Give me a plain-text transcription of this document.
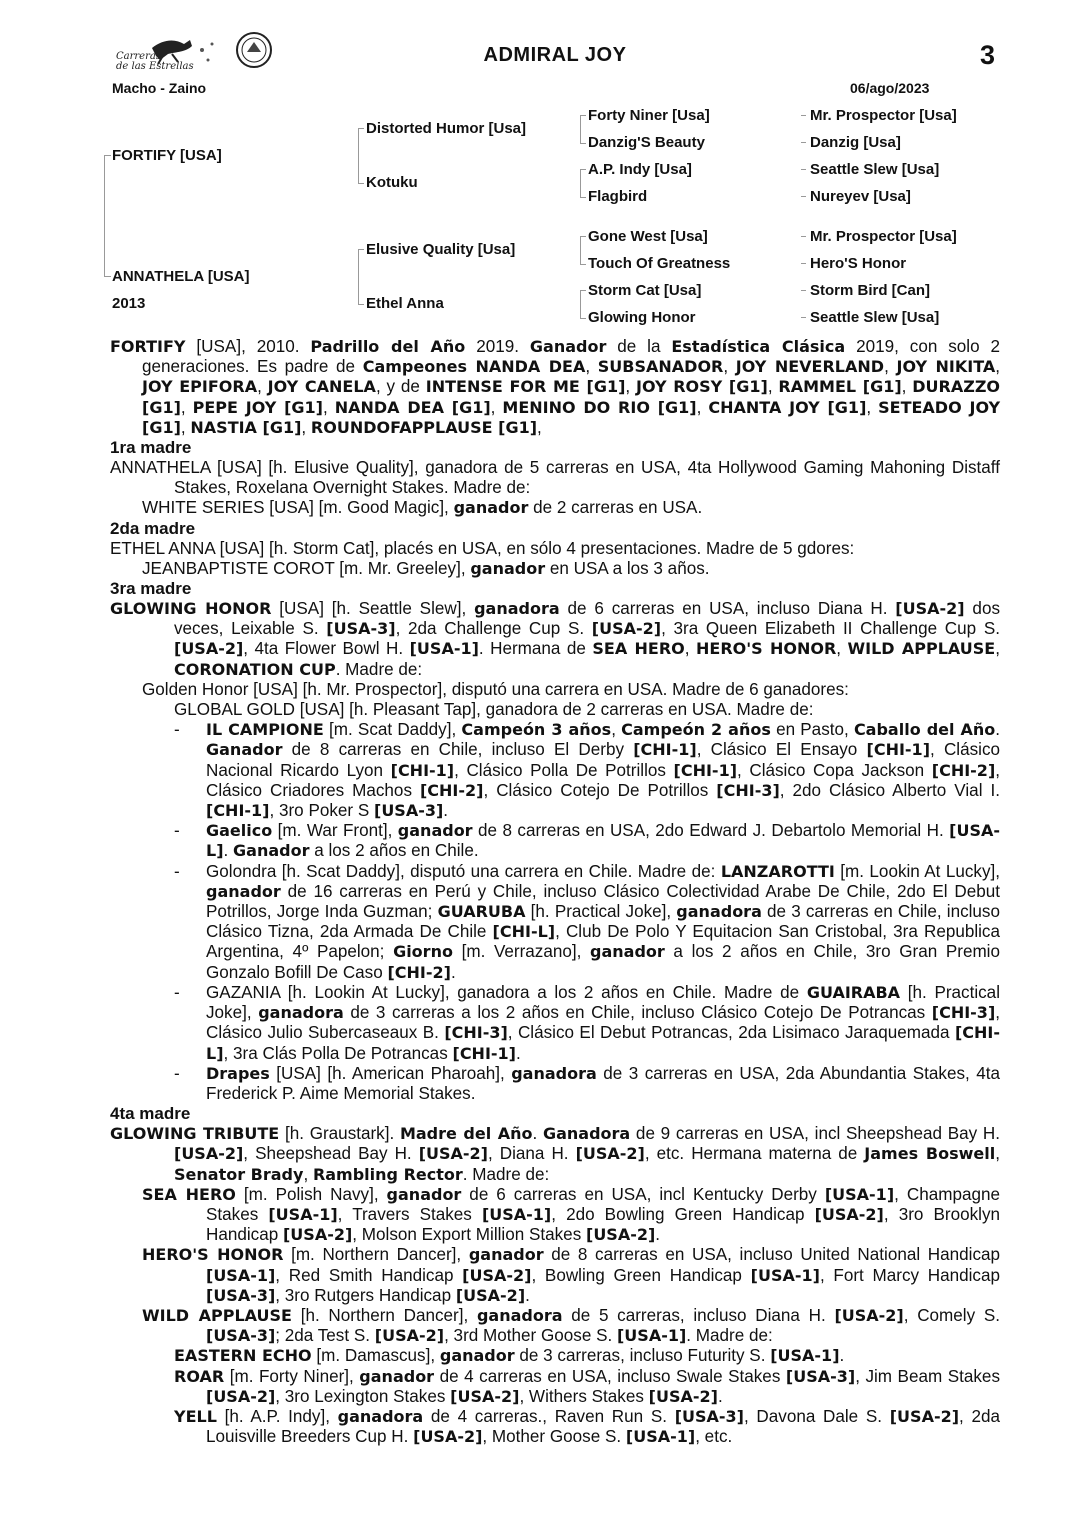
Carreras
de las Estrellas
ADMIRAL JOY	3
Macho - Zaino	06/ago/2023
FORTIFY [USA]
ANNATHELA [USA]
2013
Distorted Humor [Usa]
Kotuku
Elusive Quality [Usa]
Ethel Anna
Forty Niner [Usa]
Danzig'S Beauty
A.P. Indy [Usa]
Flagbird
Gone West [Usa]
Touch Of Greatness
Storm Cat [Usa]
Glowing Honor
Mr. Prospector [Usa]
Danzig [Usa]
Seattle Slew [Usa]
Nureyev [Usa]
Mr. Prospector [Usa]
Hero'S Honor
Storm Bird [Can]
Seattle Slew [Usa]
FORTIFY [USA], 2010. Padrillo del Año 2019. Ganador de la Estadística Clásica 2019, con solo 2 generaciones. Es padre de Campeones NANDA DEA, SUBSANADOR, JOY NEVERLAND, JOY NIKITA, JOY EPIFORA, JOY CANELA, y de INTENSE FOR ME [G1], JOY ROSY [G1], RAMMEL [G1], DURAZZO [G1], PEPE JOY [G1], NANDA DEA [G1], MENINO DO RIO [G1], CHANTA JOY [G1], SETEADO JOY [G1], NASTIA [G1], ROUNDOFAPPLAUSE [G1],
1ra madre
ANNATHELA [USA] [h. Elusive Quality], ganadora de 5 carreras en USA, 4ta Hollywood Gaming Mahoning Distaff Stakes, Roxelana Overnight Stakes. Madre de:
WHITE SERIES [USA] [m. Good Magic], ganador de 2 carreras en USA.
2da madre
ETHEL ANNA [USA] [h. Storm Cat], placés en USA, en sólo 4 presentaciones. Madre de 5 gdores:
JEANBAPTISTE COROT [m. Mr. Greeley], ganador en USA a los 3 años.
3ra madre
GLOWING HONOR [USA] [h. Seattle Slew], ganadora de 6 carreras en USA, incluso Diana H. [USA-2] dos veces, Leixable S. [USA-3], 2da Challenge Cup S. [USA-2], 3ra Queen Elizabeth II Challenge Cup S. [USA-2], 4ta Flower Bowl H. [USA-1]. Hermana de SEA HERO, HERO'S HONOR, WILD APPLAUSE, CORONATION CUP. Madre de:
Golden Honor [USA] [h. Mr. Prospector], disputó una carrera en USA. Madre de 6 ganadores:
GLOBAL GOLD [USA] [h. Pleasant Tap], ganadora de 2 carreras en USA. Madre de:
- IL CAMPIONE [m. Scat Daddy], Campeón 3 años, Campeón 2 años en Pasto, Caballo del Año. Ganador de 8 carreras en Chile, incluso El Derby [CHI-1], Clásico El Ensayo [CHI-1], Clásico Nacional Ricardo Lyon [CHI-1], Clásico Polla De Potrillos [CHI-1], Clásico Copa Jackson [CHI-2], Clásico Criadores Machos [CHI-2], Clásico Cotejo De Potrillos [CHI-3], 2do Clásico Alberto Vial I. [CHI-1], 3ro Poker S [USA-3].
- Gaelico [m. War Front], ganador de 8 carreras en USA, 2do Edward J. Debartolo Memorial H. [USA-L]. Ganador a los 2 años en Chile.
- Golondra [h. Scat Daddy], disputó una carrera en Chile. Madre de: LANZAROTTI [m. Lookin At Lucky], ganador de 16 carreras en Perú y Chile, incluso Clásico Colectividad Arabe De Chile, 2do El Debut Potrillos, Jorge Inda Guzman; GUARUBA [h. Practical Joke], ganadora de 3 carreras en Chile, incluso Clásico Tizna, 2da Armada De Chile [CHI-L], Club De Polo Y Equitacion San Cristobal, 3ra Republica Argentina, 4º Papelon; Giorno [m. Verrazano], ganador a los 2 años en Chile, 3ro Gran Premio Gonzalo Bofill De Caso [CHI-2].
- GAZANIA [h. Lookin At Lucky], ganadora a los 2 años en Chile. Madre de GUAIRABA [h. Practical Joke], ganadora de 3 carreras a los 2 años en Chile, incluso Clásico Cotejo De Potrancas [CHI-3], Clásico Julio Subercaseaux B. [CHI-3], Clásico El Debut Potrancas, 2da Lisimaco Jaraquemada [CHI-L], 3ra Clás Polla De Potrancas [CHI-1].
- Drapes [USA] [h. American Pharoah], ganadora de 3 carreras en USA, 2da Abundantia Stakes, 4ta Frederick P. Aime Memorial Stakes.
4ta madre
GLOWING TRIBUTE [h. Graustark]. Madre del Año. Ganadora de 9 carreras en USA, incl Sheepshead Bay H. [USA-2], Sheepshead Bay H. [USA-2], Diana H. [USA-2], etc. Hermana materna de James Boswell, Senator Brady, Rambling Rector. Madre de:
SEA HERO [m. Polish Navy], ganador de 6 carreras en USA, incl Kentucky Derby [USA-1], Champagne Stakes [USA-1], Travers Stakes [USA-1], 2do Bowling Green Handicap [USA-2], 3ro Brooklyn Handicap [USA-2], Molson Export Million Stakes [USA-2].
HERO'S HONOR [m. Northern Dancer], ganador de 8 carreras en USA, incluso United National Handicap [USA-1], Red Smith Handicap [USA-2], Bowling Green Handicap [USA-1], Fort Marcy Handicap [USA-3], 3ro Rutgers Handicap [USA-2].
WILD APPLAUSE [h. Northern Dancer], ganadora de 5 carreras, incluso Diana H. [USA-2], Comely S. [USA-3]; 2da Test S. [USA-2], 3rd Mother Goose S. [USA-1]. Madre de:
EASTERN ECHO [m. Damascus], ganador de 3 carreras, incluso Futurity S. [USA-1].
ROAR [m. Forty Niner], ganador de 4 carreras en USA, incluso Swale Stakes [USA-3], Jim Beam Stakes [USA-2], 3ro Lexington Stakes [USA-2], Withers Stakes [USA-2].
YELL [h. A.P. Indy], ganadora de 4 carreras., Raven Run S. [USA-3], Davona Dale S. [USA-2], 2da Louisville Breeders Cup H. [USA-2], Mother Goose S. [USA-1], etc.
